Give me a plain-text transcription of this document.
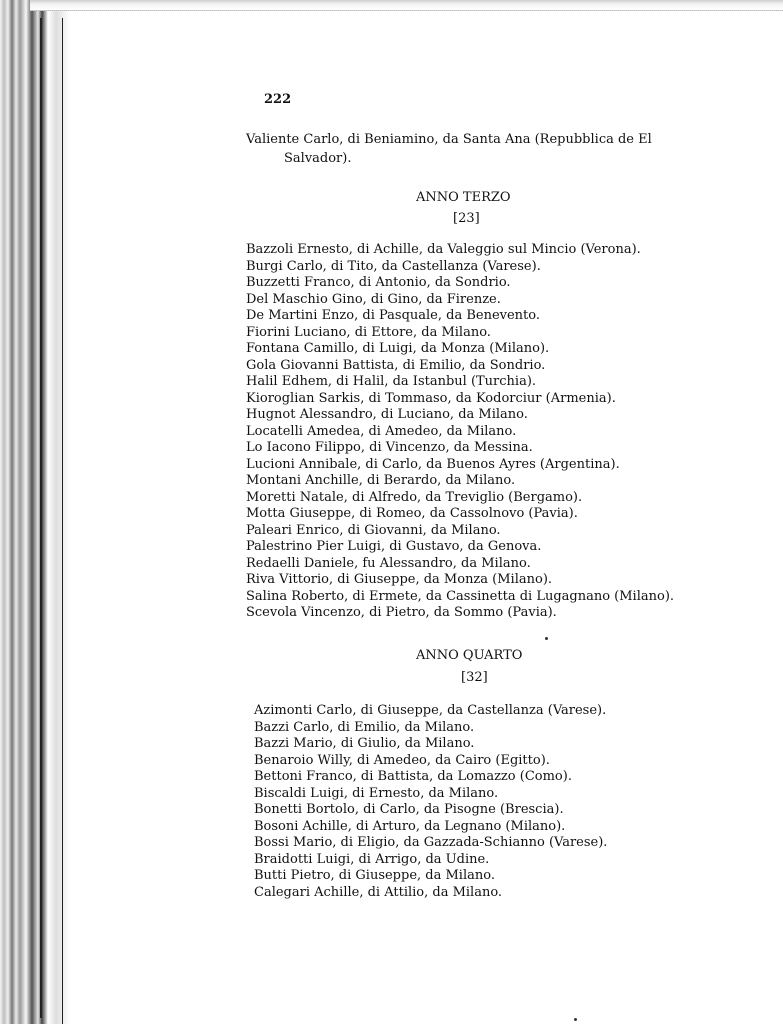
222
Valiente Carlo, di Beniamino, da Santa Ana (Repubblica de El
Salvador).
ANNO TERZO
[23]
Bazzoli Ernesto, di Achille, da Valeggio sul Mincio (Verona).
Burgi Carlo, di Tito, da Castellanza (Varese).
Buzzetti Franco, di Antonio, da Sondrio.
Del Maschio Gino, di Gino, da Firenze.
De Martini Enzo, di Pasquale, da Benevento.
Fiorini Luciano, di Ettore, da Milano.
Fontana Camillo, di Luigi, da Monza (Milano).
Gola Giovanni Battista, di Emilio, da Sondrio.
Halil Edhem, di Halil, da Istanbul (Turchia).
Kioroglian Sarkis, di Tommaso, da Kodorciur (Armenia).
Hugnot Alessandro, di Luciano, da Milano.
Locatelli Amedea, di Amedeo, da Milano.
Lo Iacono Filippo, di Vincenzo, da Messina.
Lucioni Annibale, di Carlo, da Buenos Ayres (Argentina).
Montani Anchille, di Berardo, da Milano.
Moretti Natale, di Alfredo, da Treviglio (Bergamo).
Motta Giuseppe, di Romeo, da Cassolnovo (Pavia).
Paleari Enrico, di Giovanni, da Milano.
Palestrino Pier Luigi, di Gustavo, da Genova.
Redaelli Daniele, fu Alessandro, da Milano.
Riva Vittorio, di Giuseppe, da Monza (Milano).
Salina Roberto, di Ermete, da Cassinetta di Lugagnano (Milano).
Scevola Vincenzo, di Pietro, da Sommo (Pavia).
ANNO QUARTO
[32]
Azimonti Carlo, di Giuseppe, da Castellanza (Varese).
Bazzi Carlo, di Emilio, da Milano.
Bazzi Mario, di Giulio, da Milano.
Benaroio Willy, di Amedeo, da Cairo (Egitto).
Bettoni Franco, di Battista, da Lomazzo (Como).
Biscaldi Luigi, di Ernesto, da Milano.
Bonetti Bortolo, di Carlo, da Pisogne (Brescia).
Bosoni Achille, di Arturo, da Legnano (Milano).
Bossi Mario, di Eligio, da Gazzada-Schianno (Varese).
Braidotti Luigi, di Arrigo, da Udine.
Butti Pietro, di Giuseppe, da Milano.
Calegari Achille, di Attilio, da Milano.
